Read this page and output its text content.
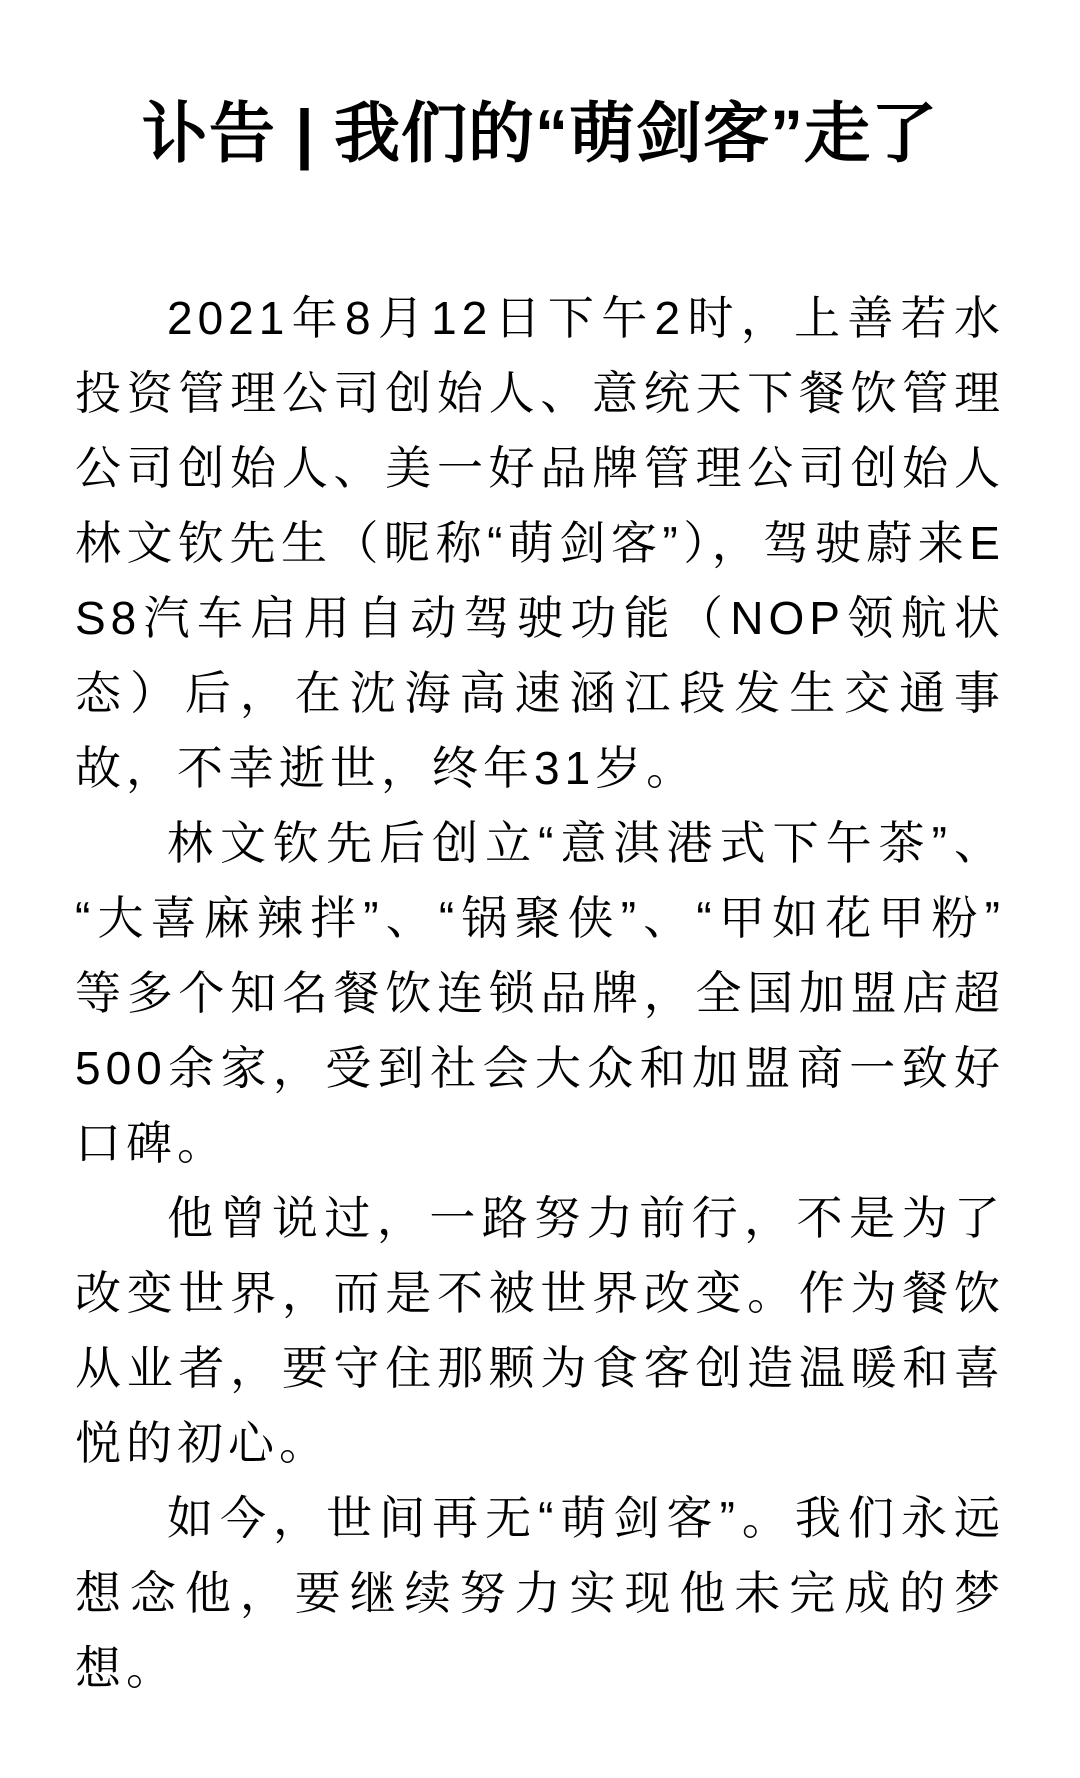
讣告 | 我们的“萌剑客”走了

2021年8月12日下午2时，上善若水投资管理公司创始人、意统天下餐饮管理公司创始人、美一好品牌管理公司创始人林文钦先生（昵称“萌剑客”），驾驶蔚来ES8汽车启用自动驾驶功能（NOP领航状态）后，在沈海高速涵江段发生交通事故，不幸逝世，终年31岁。

林文钦先后创立“意淇港式下午茶”、“大喜麻辣拌”、“锅聚侠”、“甲如花甲粉”等多个知名餐饮连锁品牌，全国加盟店超500余家，受到社会大众和加盟商一致好口碑。

他曾说过，一路努力前行，不是为了改变世界，而是不被世界改变。作为餐饮从业者，要守住那颗为食客创造温暖和喜悦的初心。

如今，世间再无“萌剑客”。我们永远想念他，要继续努力实现他未完成的梦想。
